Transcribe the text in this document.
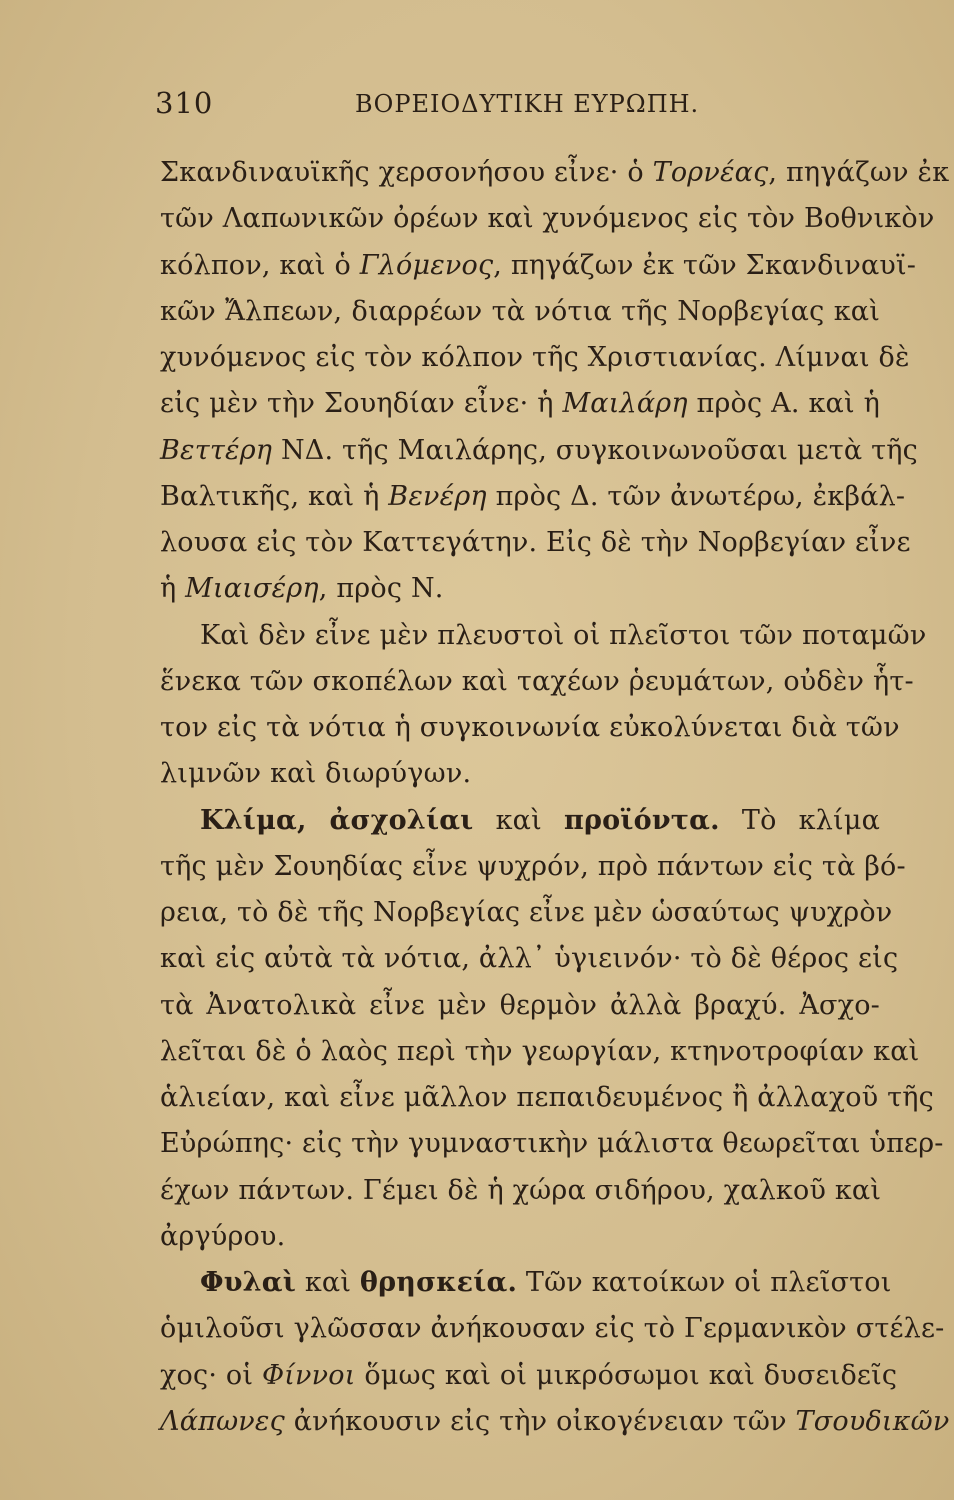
310	ΒΟΡΕΙΟΔΥΤΙΚΗ ΕΥΡΩΠΗ.
Σκανδιναυϊκῆς χερσονήσου εἶνε· ὁ Τορνέας, πηγάζων ἐκ
τῶν Λαπωνικῶν ὀρέων καὶ χυνόμενος εἰς τὸν Βοθνικὸν
κόλπον, καὶ ὁ Γλόμενος, πηγάζων ἐκ τῶν Σκανδιναυϊ-
κῶν Ἄλπεων, διαρρέων τὰ νότια τῆς Νορβεγίας καὶ
χυνόμενος εἰς τὸν κόλπον τῆς Χριστιανίας. Λίμναι δὲ
εἰς μὲν τὴν Σουηδίαν εἶνε· ἡ Μαιλάρη πρὸς Α. καὶ ἡ
Βεττέρη ΝΔ. τῆς Μαιλάρης, συγκοινωνοῦσαι μετὰ τῆς
Βαλτικῆς, καὶ ἡ Βενέρη πρὸς Δ. τῶν ἀνωτέρω, ἐκβάλ-
λουσα εἰς τὸν Καττεγάτην. Εἰς δὲ τὴν Νορβεγίαν εἶνε
ἡ Μιαισέρη, πρὸς Ν.
Καὶ δὲν εἶνε μὲν πλευστοὶ οἱ πλεῖστοι τῶν ποταμῶν
ἕνεκα τῶν σκοπέλων καὶ ταχέων ῥευμάτων, οὐδὲν ἧτ-
τον εἰς τὰ νότια ἡ συγκοινωνία εὐκολύνεται διὰ τῶν
λιμνῶν καὶ διωρύγων.
Κλίμα, ἀσχολίαι καὶ προϊόντα. Τὸ κλίμα
τῆς μὲν Σουηδίας εἶνε ψυχρόν, πρὸ πάντων εἰς τὰ βό-
ρεια, τὸ δὲ τῆς Νορβεγίας εἶνε μὲν ὡσαύτως ψυχρὸν
καὶ εἰς αὐτὰ τὰ νότια, ἀλλ᾿ ὑγιεινόν· τὸ δὲ θέρος εἰς
τὰ Ἀνατολικὰ εἶνε μὲν θερμὸν ἀλλὰ βραχύ. Ἀσχο-
λεῖται δὲ ὁ λαὸς περὶ τὴν γεωργίαν, κτηνοτροφίαν καὶ
ἁλιείαν, καὶ εἶνε μᾶλλον πεπαιδευμένος ἢ ἀλλαχοῦ τῆς
Εὐρώπης· εἰς τὴν γυμναστικὴν μάλιστα θεωρεῖται ὑπερ-
έχων πάντων. Γέμει δὲ ἡ χώρα σιδήρου, χαλκοῦ καὶ
ἀργύρου.
Φυλαὶ καὶ θρησκεία. Τῶν κατοίκων οἱ πλεῖστοι
ὁμιλοῦσι γλῶσσαν ἀνήκουσαν εἰς τὸ Γερμανικὸν στέλε-
χος· οἱ Φίννοι ὅμως καὶ οἱ μικρόσωμοι καὶ δυσειδεῖς
Λάπωνες ἀνήκουσιν εἰς τὴν οἰκογένειαν τῶν Τσουδικῶν
